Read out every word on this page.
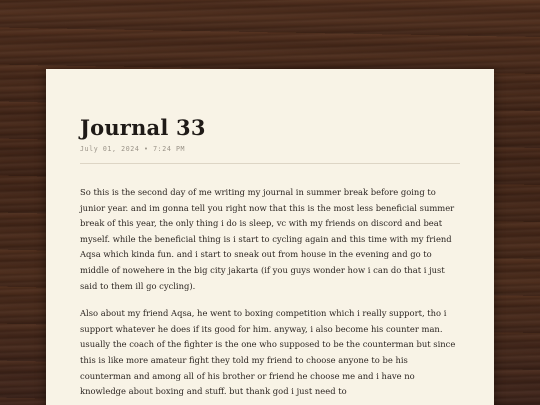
Journal 33
July 01, 2024 • 7:24 PM

So this is the second day of me writing my journal in summer break before going to junior year. and im gonna tell you right now that this is the most less beneficial summer break of this year, the only thing i do is sleep, vc with my friends on discord and beat myself. while the beneficial thing is i start to cycling again and this time with my friend Aqsa which kinda fun. and i start to sneak out from house in the evening and go to middle of nowehere in the big city jakarta (if you guys wonder how i can do that i just said to them ill go cycling).

Also about my friend Aqsa, he went to boxing competition which i really support, tho i support whatever he does if its good for him. anyway, i also become his counter man. usually the coach of the fighter is the one who supposed to be the counterman but since this is like more amateur fight they told my friend to choose anyone to be his counterman and among all of his brother or friend he choose me and i have no knowledge about boxing and stuff. but thank god i just need to
